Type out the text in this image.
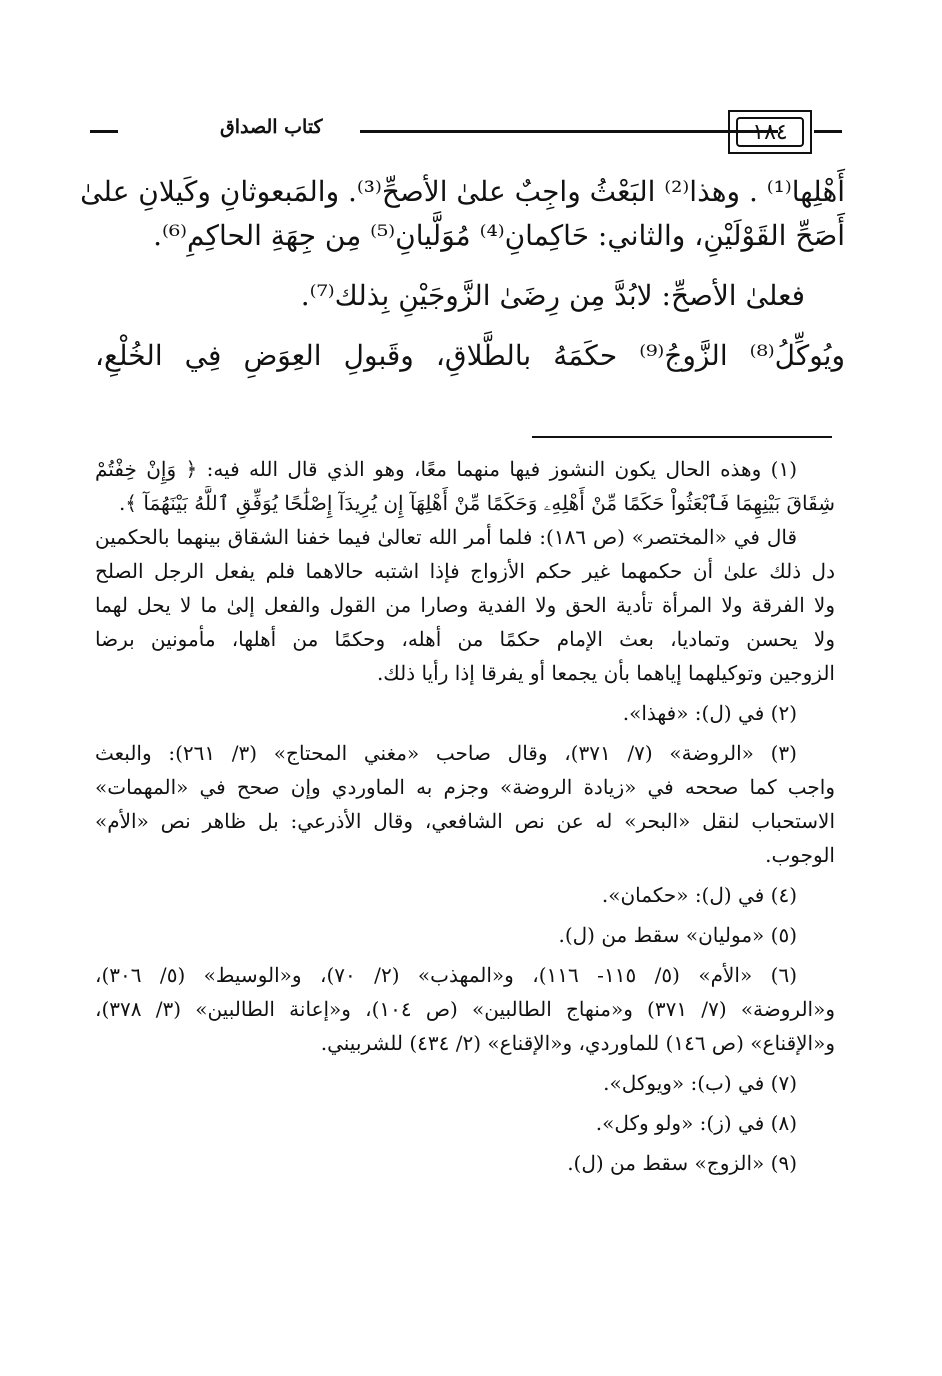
كتاب الصداق	١٨٤
أَهْلِها⁽¹⁾ . وهذا⁽²⁾ البَعْثُ واجِبٌ علىٰ الأصحِّ⁽³⁾. والمَبعوثانِ وكَيلانِ علىٰ
أَصَحِّ القَوْلَيْنِ، والثاني: حَاكِمانِ⁽⁴⁾ مُوَلَّيانِ⁽⁵⁾ مِن جِهَةِ الحاكِمِ⁽⁶⁾.
فعلىٰ الأصحِّ: لابُدَّ مِن رِضَىٰ الزَّوجَيْنِ بِذلك⁽⁷⁾.
ويُوكِّلُ⁽⁸⁾ الزَّوجُ⁽⁹⁾ حكَمَهُ بالطَّلاقِ، وقَبولِ العِوَضِ فِي الخُلْعِ،
(١) وهذه الحال يكون النشوز فيها منهما معًا، وهو الذي قال الله فيه: ﴿ وَإِنْ خِفْتُمْ
شِقَاقَ بَيْنِهِمَا فَٱبْعَثُواْ حَكَمًا مِّنْ أَهْلِهِۦ وَحَكَمًا مِّنْ أَهْلِهَآ إِن يُرِيدَآ إِصْلَٰحًا يُوَفِّقِ ٱللَّهُ بَيْنَهُمَآ ﴾.
قال في «المختصر» (ص ١٨٦): فلما أمر الله تعالىٰ فيما خفنا الشقاق بينهما بالحكمين
دل ذلك علىٰ أن حكمهما غير حكم الأزواج فإذا اشتبه حالاهما فلم يفعل الرجل الصلح
ولا الفرقة ولا المرأة تأدية الحق ولا الفدية وصارا من القول والفعل إلىٰ ما لا يحل لهما
ولا يحسن وتماديا، بعث الإمام حكمًا من أهله، وحكمًا من أهلها، مأمونين برضا
الزوجين وتوكيلهما إياهما بأن يجمعا أو يفرقا إذا رأيا ذلك.
(٢) في (ل): «فهذا».
(٣) «الروضة» (٧/ ٣٧١)، وقال صاحب «مغني المحتاج» (٣/ ٢٦١): والبعث
واجب كما صححه في «زيادة الروضة» وجزم به الماوردي وإن صحح في «المهمات»
الاستحباب لنقل «البحر» له عن نص الشافعي، وقال الأذرعي: بل ظاهر نص «الأم»
الوجوب.
(٤) في (ل): «حكمان».
(٥) «موليان» سقط من (ل).
(٦) «الأم» (٥/ ١١٥- ١١٦)، و«المهذب» (٢/ ٧٠)، و«الوسيط» (٥/ ٣٠٦)،
و«الروضة» (٧/ ٣٧١) و«منهاج الطالبين» (ص ١٠٤)، و«إعانة الطالبين» (٣/ ٣٧٨)،
و«الإقناع» (ص ١٤٦) للماوردي، و«الإقناع» (٢/ ٤٣٤) للشربيني.
(٧) في (ب): «ويوكل».
(٨) في (ز): «ولو وكل».
(٩) «الزوج» سقط من (ل).
